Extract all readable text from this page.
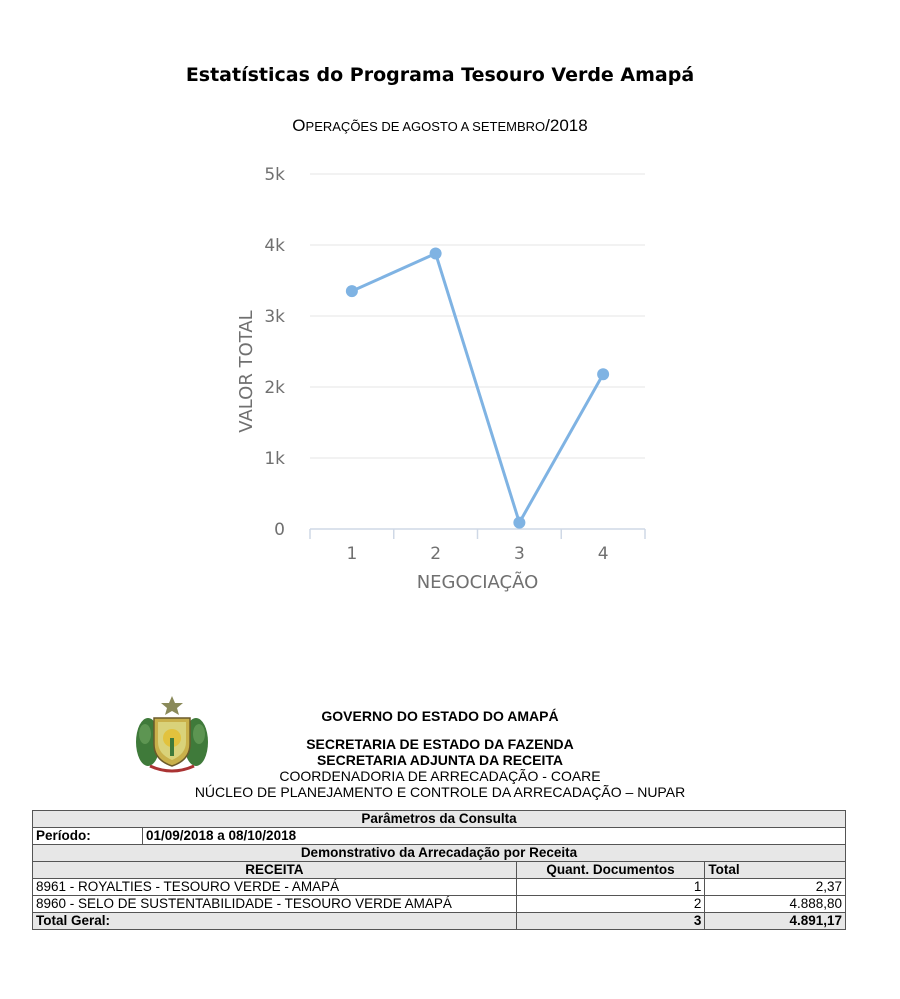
Estatísticas do Programa Tesouro Verde Amapá
OPERAÇÕES DE AGOSTO A SETEMBRO/2018
0
1k
2k
3k
4k
5k
1	2	3	4
NEGOCIAÇÃO
VALOR TOTAL
GOVERNO DO ESTADO DO AMAPÁ
SECRETARIA DE ESTADO DA FAZENDA
SECRETARIA ADJUNTA DA RECEITA
COORDENADORIA DE ARRECADAÇÃO - COARE
NÚCLEO DE PLANEJAMENTO E CONTROLE DA ARRECADAÇÃO – NUPAR
Parâmetros da Consulta			
Período:	01/09/2018 a 08/10/2018		
Demonstrativo da Arrecadação por Receita			
RECEITA		Quant. Documentos	Total
8961 - ROYALTIES - TESOURO VERDE - AMAPÁ		1	2,37
8960 - SELO DE SUSTENTABILIDADE - TESOURO VERDE AMAPÁ		2	4.888,80
Total Geral:		3	4.891,17
